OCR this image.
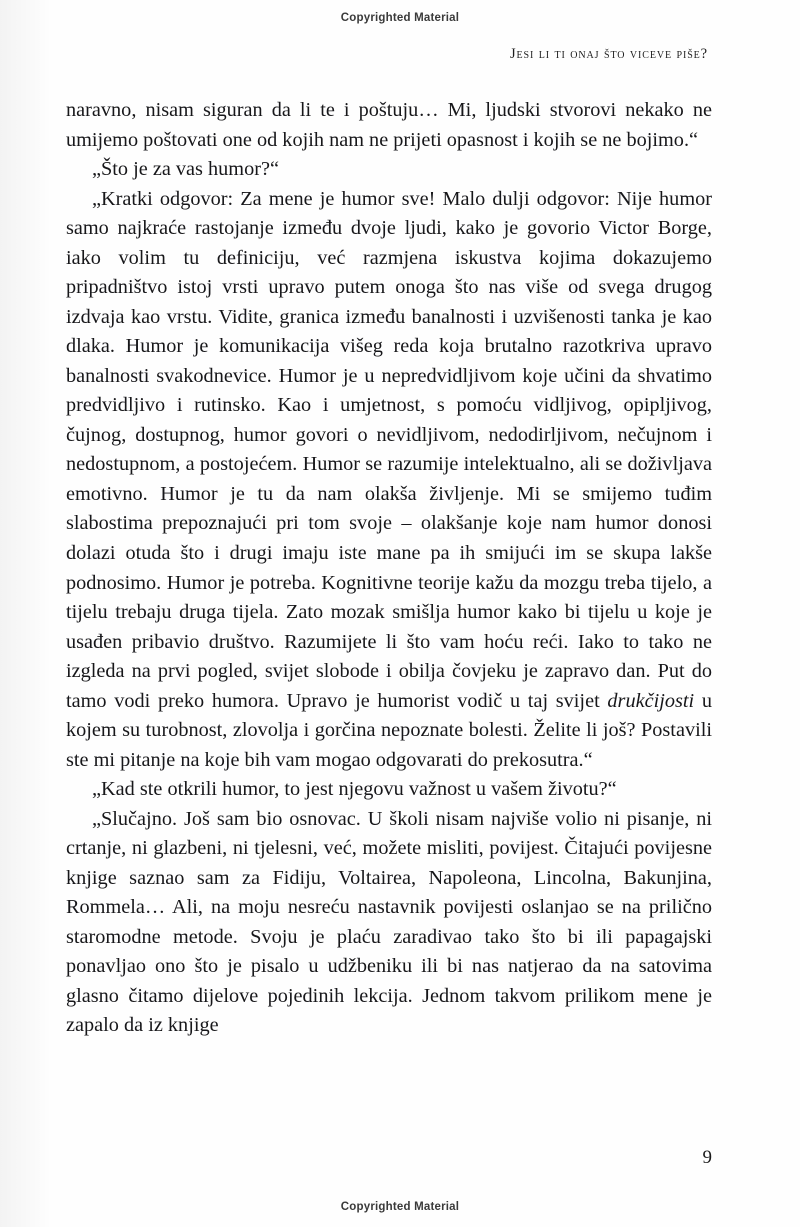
Copyrighted Material
Jesi li ti onaj što viceve piše?

naravno, nisam siguran da li te i poštuju… Mi, ljudski stvorovi nekako ne umijemo poštovati one od kojih nam ne prijeti opasnost i kojih se ne bojimo.“

„Što je za vas humor?“

„Kratki odgovor: Za mene je humor sve! Malo dulji odgovor: Nije humor samo najkraće rastojanje između dvoje ljudi, kako je govorio Victor Borge, iako volim tu definiciju, već razmjena iskustva kojima dokazujemo pripadništvo istoj vrsti upravo putem onoga što nas više od svega drugog izdvaja kao vrstu. Vidite, granica između banalnosti i uzvišenosti tanka je kao dlaka. Humor je komunikacija višeg reda koja brutalno razotkriva upravo banalnosti svakodnevice. Humor je u nepredvidljivom koje učini da shvatimo predvidljivo i rutinsko. Kao i umjetnost, s pomoću vidljivog, opipljivog, čujnog, dostupnog, humor govori o nevidljivom, nedodirljivom, nečujnom i nedostupnom, a postojećem. Humor se razumije intelektualno, ali se doživljava emotivno. Humor je tu da nam olakša življenje. Mi se smijemo tuđim slabostima prepoznajući pri tom svoje – olakšanje koje nam humor donosi dolazi otuda što i drugi imaju iste mane pa ih smijući im se skupa lakše podnosimo. Humor je potreba. Kognitivne teorije kažu da mozgu treba tijelo, a tijelu trebaju druga tijela. Zato mozak smišlja humor kako bi tijelu u koje je usađen pribavio društvo. Razumijete li što vam hoću reći. Iako to tako ne izgleda na prvi pogled, svijet slobode i obilja čovjeku je zapravo dan. Put do tamo vodi preko humora. Upravo je humorist vodič u taj svijet drukčijosti u kojem su turobnost, zlovolja i gorčina nepoznate bolesti. Želite li još? Postavili ste mi pitanje na koje bih vam mogao odgovarati do prekosutra.“

„Kad ste otkrili humor, to jest njegovu važnost u vašem životu?“

„Slučajno. Još sam bio osnovac. U školi nisam najviše volio ni pisanje, ni crtanje, ni glazbeni, ni tjelesni, već, možete misliti, povijest. Čitajući povijesne knjige saznao sam za Fidiju, Voltairea, Napoleona, Lincolna, Bakunjina, Rommela… Ali, na moju nesreću nastavnik povijesti oslanjao se na prilično staromodne metode. Svoju je plaću zaradivao tako što bi ili papagajski ponavljao ono što je pisalo u udžbeniku ili bi nas natjerao da na satovima glasno čitamo dijelove pojedinih lekcija. Jednom takvom prilikom mene je zapalo da iz knjige

9
Copyrighted Material
